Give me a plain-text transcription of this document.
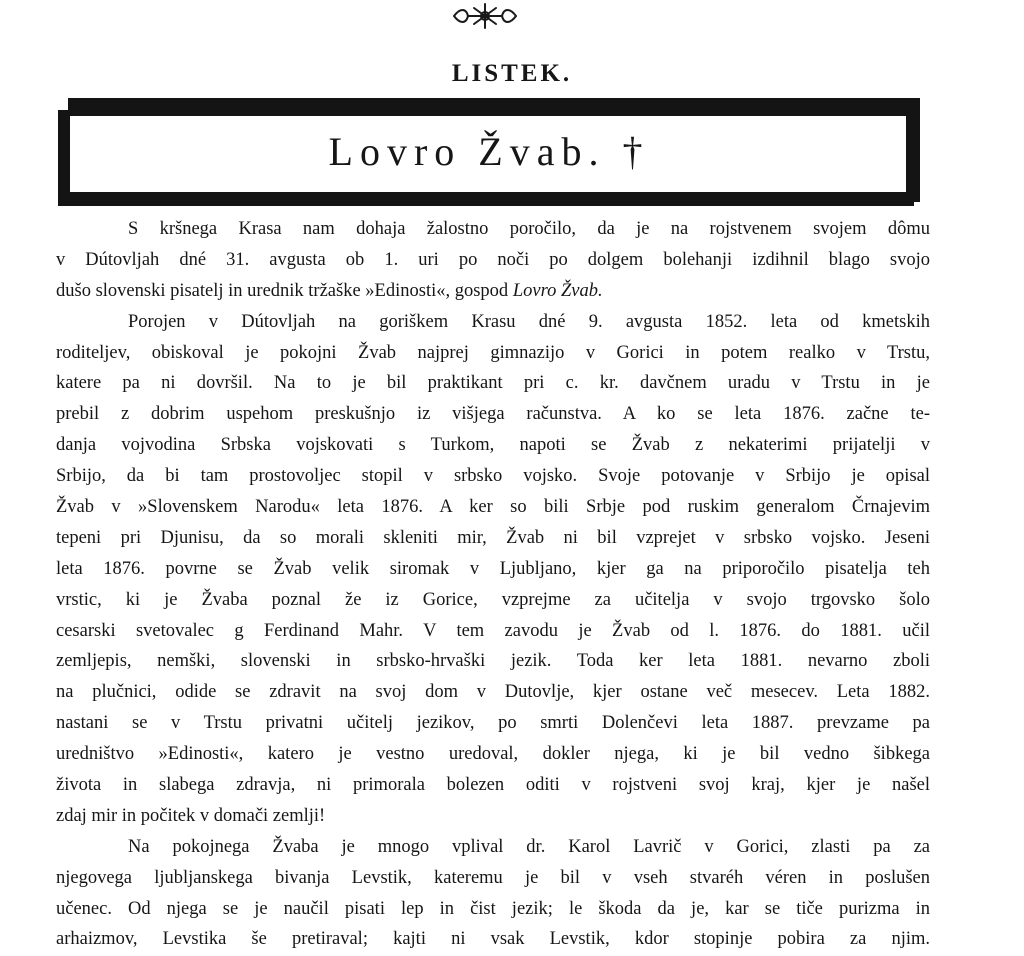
LISTEK.
Lovro Žvab. †
S kršnega Krasa nam dohaja žalostno poročilo, da je na rojstvenem svojem dômu
v Dútovljah dné 31. avgusta ob 1. uri po noči po dolgem bolehanji izdihnil blago svojo
dušo slovenski pisatelj in urednik tržaške »Edinosti«, gospod Lovro Žvab.
Porojen v Dútovljah na goriškem Krasu dné 9. avgusta 1852. leta od kmetskih
roditeljev, obiskoval je pokojni Žvab najprej gimnazijo v Gorici in potem realko v Trstu,
katere pa ni dovršil. Na to je bil praktikant pri c. kr. davčnem uradu v Trstu in je
prebil z dobrim uspehom preskušnjo iz višjega računstva. A ko se leta 1876. začne te-
danja vojvodina Srbska vojskovati s Turkom, napoti se Žvab z nekaterimi prijatelji v
Srbijo, da bi tam prostovoljec stopil v srbsko vojsko. Svoje potovanje v Srbijo je opisal
Žvab v »Slovenskem Narodu« leta 1876. A ker so bili Srbje pod ruskim generalom Črnajevim
tepeni pri Djunisu, da so morali skleniti mir, Žvab ni bil vzprejet v srbsko vojsko. Jeseni
leta 1876. povrne se Žvab velik siromak v Ljubljano, kjer ga na priporočilo pisatelja teh
vrstic, ki je Žvaba poznal že iz Gorice, vzprejme za učitelja v svojo trgovsko šolo
cesarski svetovalec g Ferdinand Mahr. V tem zavodu je Žvab od l. 1876. do 1881. učil
zemljepis, nemški, slovenski in srbsko-hrvaški jezik. Toda ker leta 1881. nevarno zboli
na plučnici, odide se zdravit na svoj dom v Dutovlje, kjer ostane več mesecev. Leta 1882.
nastani se v Trstu privatni učitelj jezikov, po smrti Dolenčevi leta 1887. prevzame pa
uredništvo »Edinosti«, katero je vestno uredoval, dokler njega, ki je bil vedno šibkega
života in slabega zdravja, ni primorala bolezen oditi v rojstveni svoj kraj, kjer je našel
zdaj mir in počitek v domači zemlji!
Na pokojnega Žvaba je mnogo vplival dr. Karol Lavrič v Gorici, zlasti pa za
njegovega ljubljanskega bivanja Levstik, kateremu je bil v vseh stvaréh véren in poslušen
učenec. Od njega se je naučil pisati lep in čist jezik; le škoda da je, kar se tiče purizma in
arhaizmov, Levstika še pretiraval; kajti ni vsak Levstik, kdor stopinje pobira za njim.
